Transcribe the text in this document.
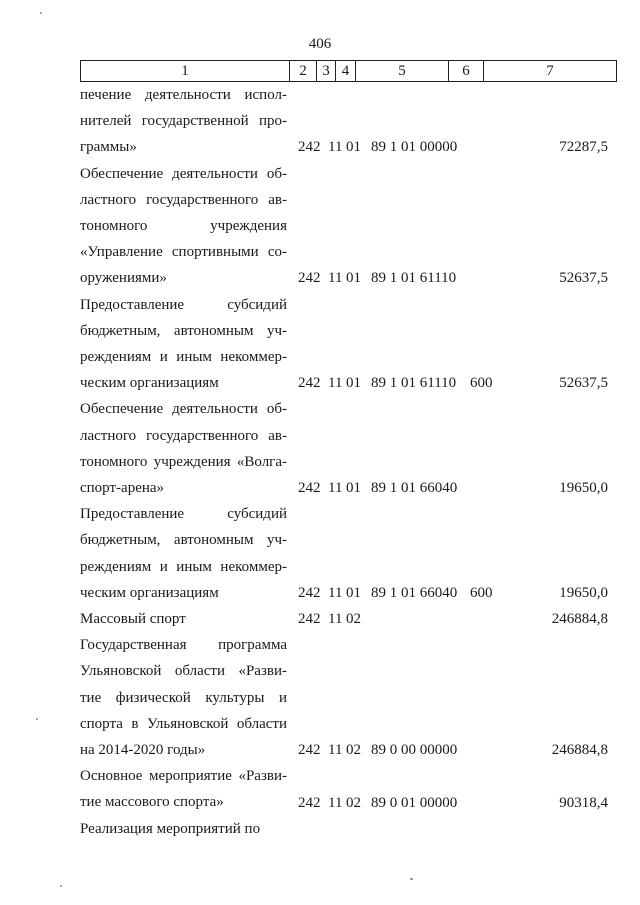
406
1	2	3	4	5	6	7
печение деятельности испол-
нителей государственной про-
граммы»	242 11 01 89 1 01 00000	72287,5
Обеспечение деятельности об-
ластного государственного ав-
тономного учреждения
«Управление спортивными со-
оружениями»	242 11 01 89 1 01 61110	52637,5
Предоставление субсидий
бюджетным, автономным уч-
реждениям и иным некоммер-
ческим организациям	242 11 01 89 1 01 61110 600	52637,5
Обеспечение деятельности об-
ластного государственного ав-
тономного учреждения «Волга-
спорт-арена»	242 11 01 89 1 01 66040	19650,0
Предоставление субсидий
бюджетным, автономным уч-
реждениям и иным некоммер-
ческим организациям	242 11 01 89 1 01 66040 600	19650,0
Массовый спорт	242 11 02	246884,8
Государственная программа
Ульяновской области «Разви-
тие физической культуры и
спорта в Ульяновской области
на 2014-2020 годы»	242 11 02 89 0 00 00000	246884,8
Основное мероприятие «Разви-
тие массового спорта»	242 11 02 89 0 01 00000	90318,4
Реализация мероприятий по
